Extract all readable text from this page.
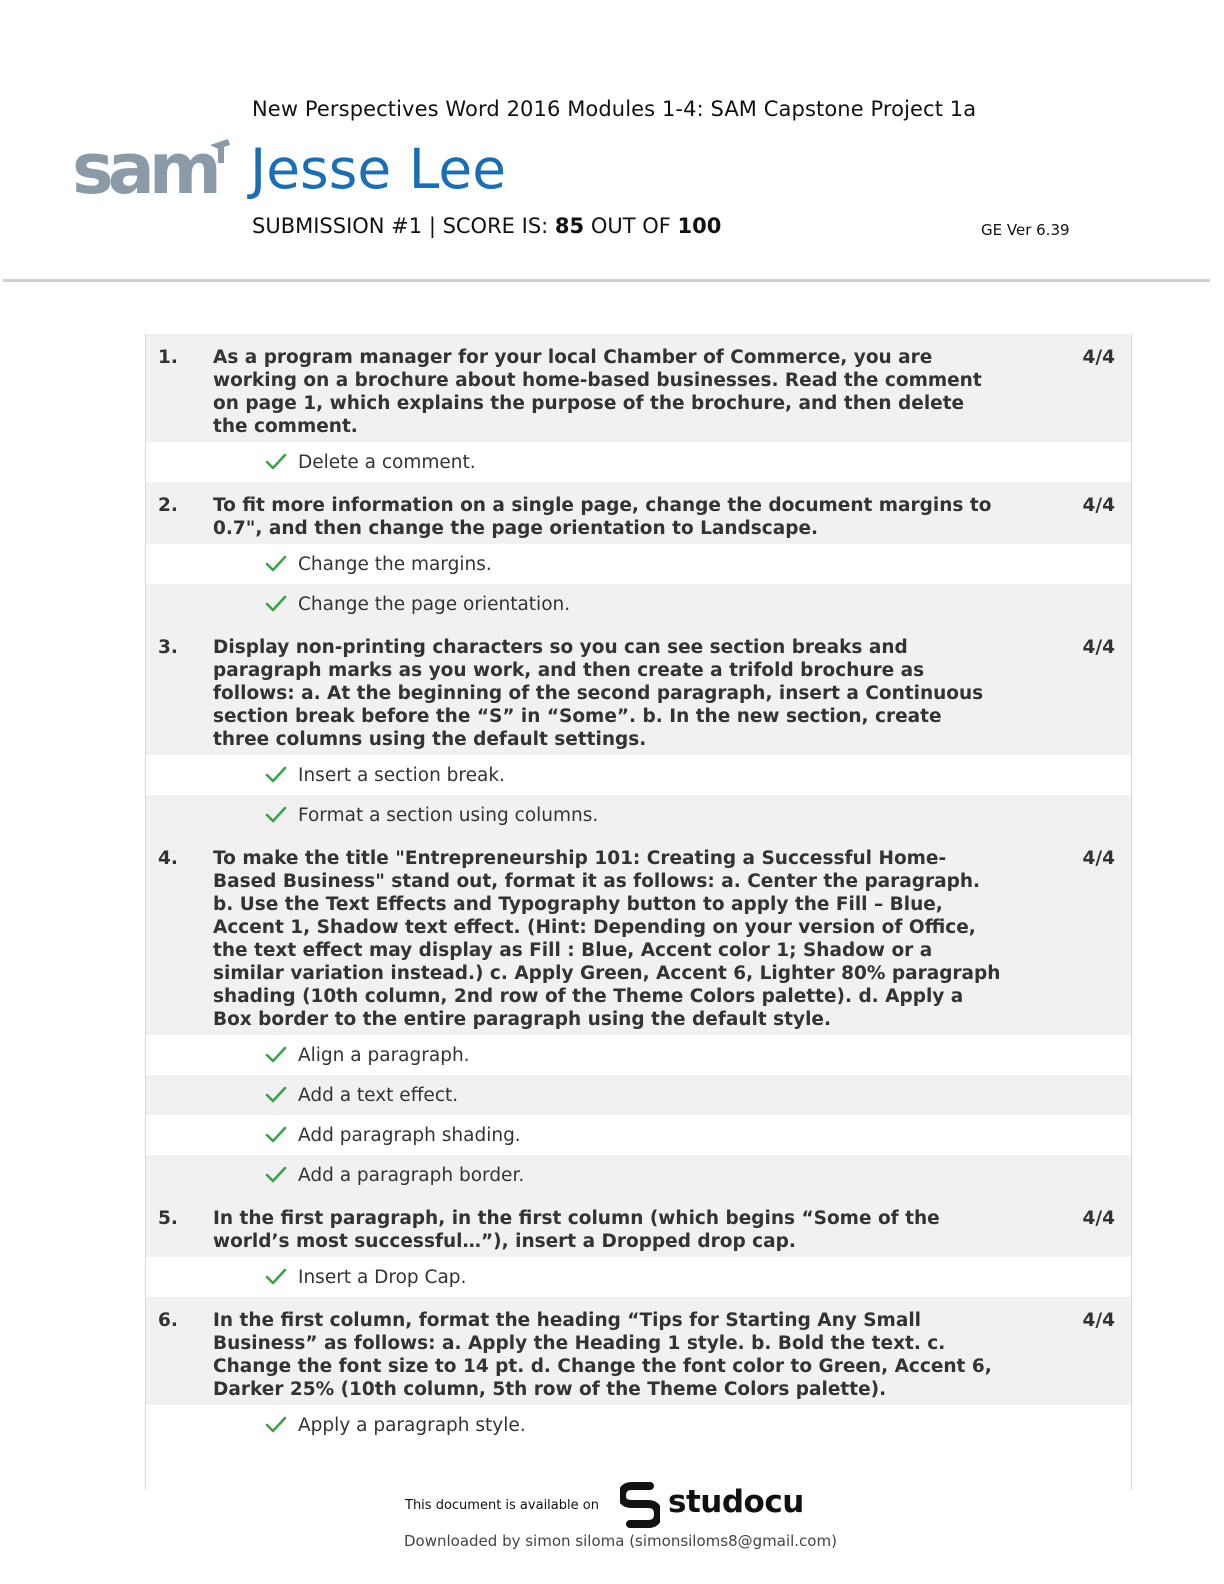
New Perspectives Word 2016 Modules 1-4: SAM Capstone Project 1a
sam Jesse Lee
SUBMISSION #1 | SCORE IS: 85 OUT OF 100	GE Ver 6.39
1.	As a program manager for your local Chamber of Commerce, you are working on a brochure about home-based businesses. Read the comment on page 1, which explains the purpose of the brochure, and then delete the comment.
4/4
Delete a comment.
2.	To fit more information on a single page, change the document margins to 0.7", and then change the page orientation to Landscape.
4/4
Change the margins.
Change the page orientation.
3.	Display non-printing characters so you can see section breaks and paragraph marks as you work, and then create a trifold brochure as follows: a. At the beginning of the second paragraph, insert a Continuous section break before the “S” in “Some”. b. In the new section, create three columns using the default settings.
4/4
Insert a section break.
Format a section using columns.
4.	To make the title "Entrepreneurship 101: Creating a Successful Home-Based Business" stand out, format it as follows: a. Center the paragraph. b. Use the Text Effects and Typography button to apply the Fill – Blue, Accent 1, Shadow text effect. (Hint: Depending on your version of Office, the text effect may display as Fill : Blue, Accent color 1; Shadow or a similar variation instead.) c. Apply Green, Accent 6, Lighter 80% paragraph shading (10th column, 2nd row of the Theme Colors palette). d. Apply a Box border to the entire paragraph using the default style.
4/4
Align a paragraph.
Add a text effect.
Add paragraph shading.
Add a paragraph border.
5.	In the first paragraph, in the first column (which begins “Some of the world’s most successful…”), insert a Dropped drop cap.
4/4
Insert a Drop Cap.
6.	In the first column, format the heading “Tips for Starting Any Small Business” as follows: a. Apply the Heading 1 style. b. Bold the text. c. Change the font size to 14 pt. d. Change the font color to Green, Accent 6, Darker 25% (10th column, 5th row of the Theme Colors palette).
4/4
Apply a paragraph style.
This document is available on studocu
Downloaded by simon siloma (simonsiloms8@gmail.com)
